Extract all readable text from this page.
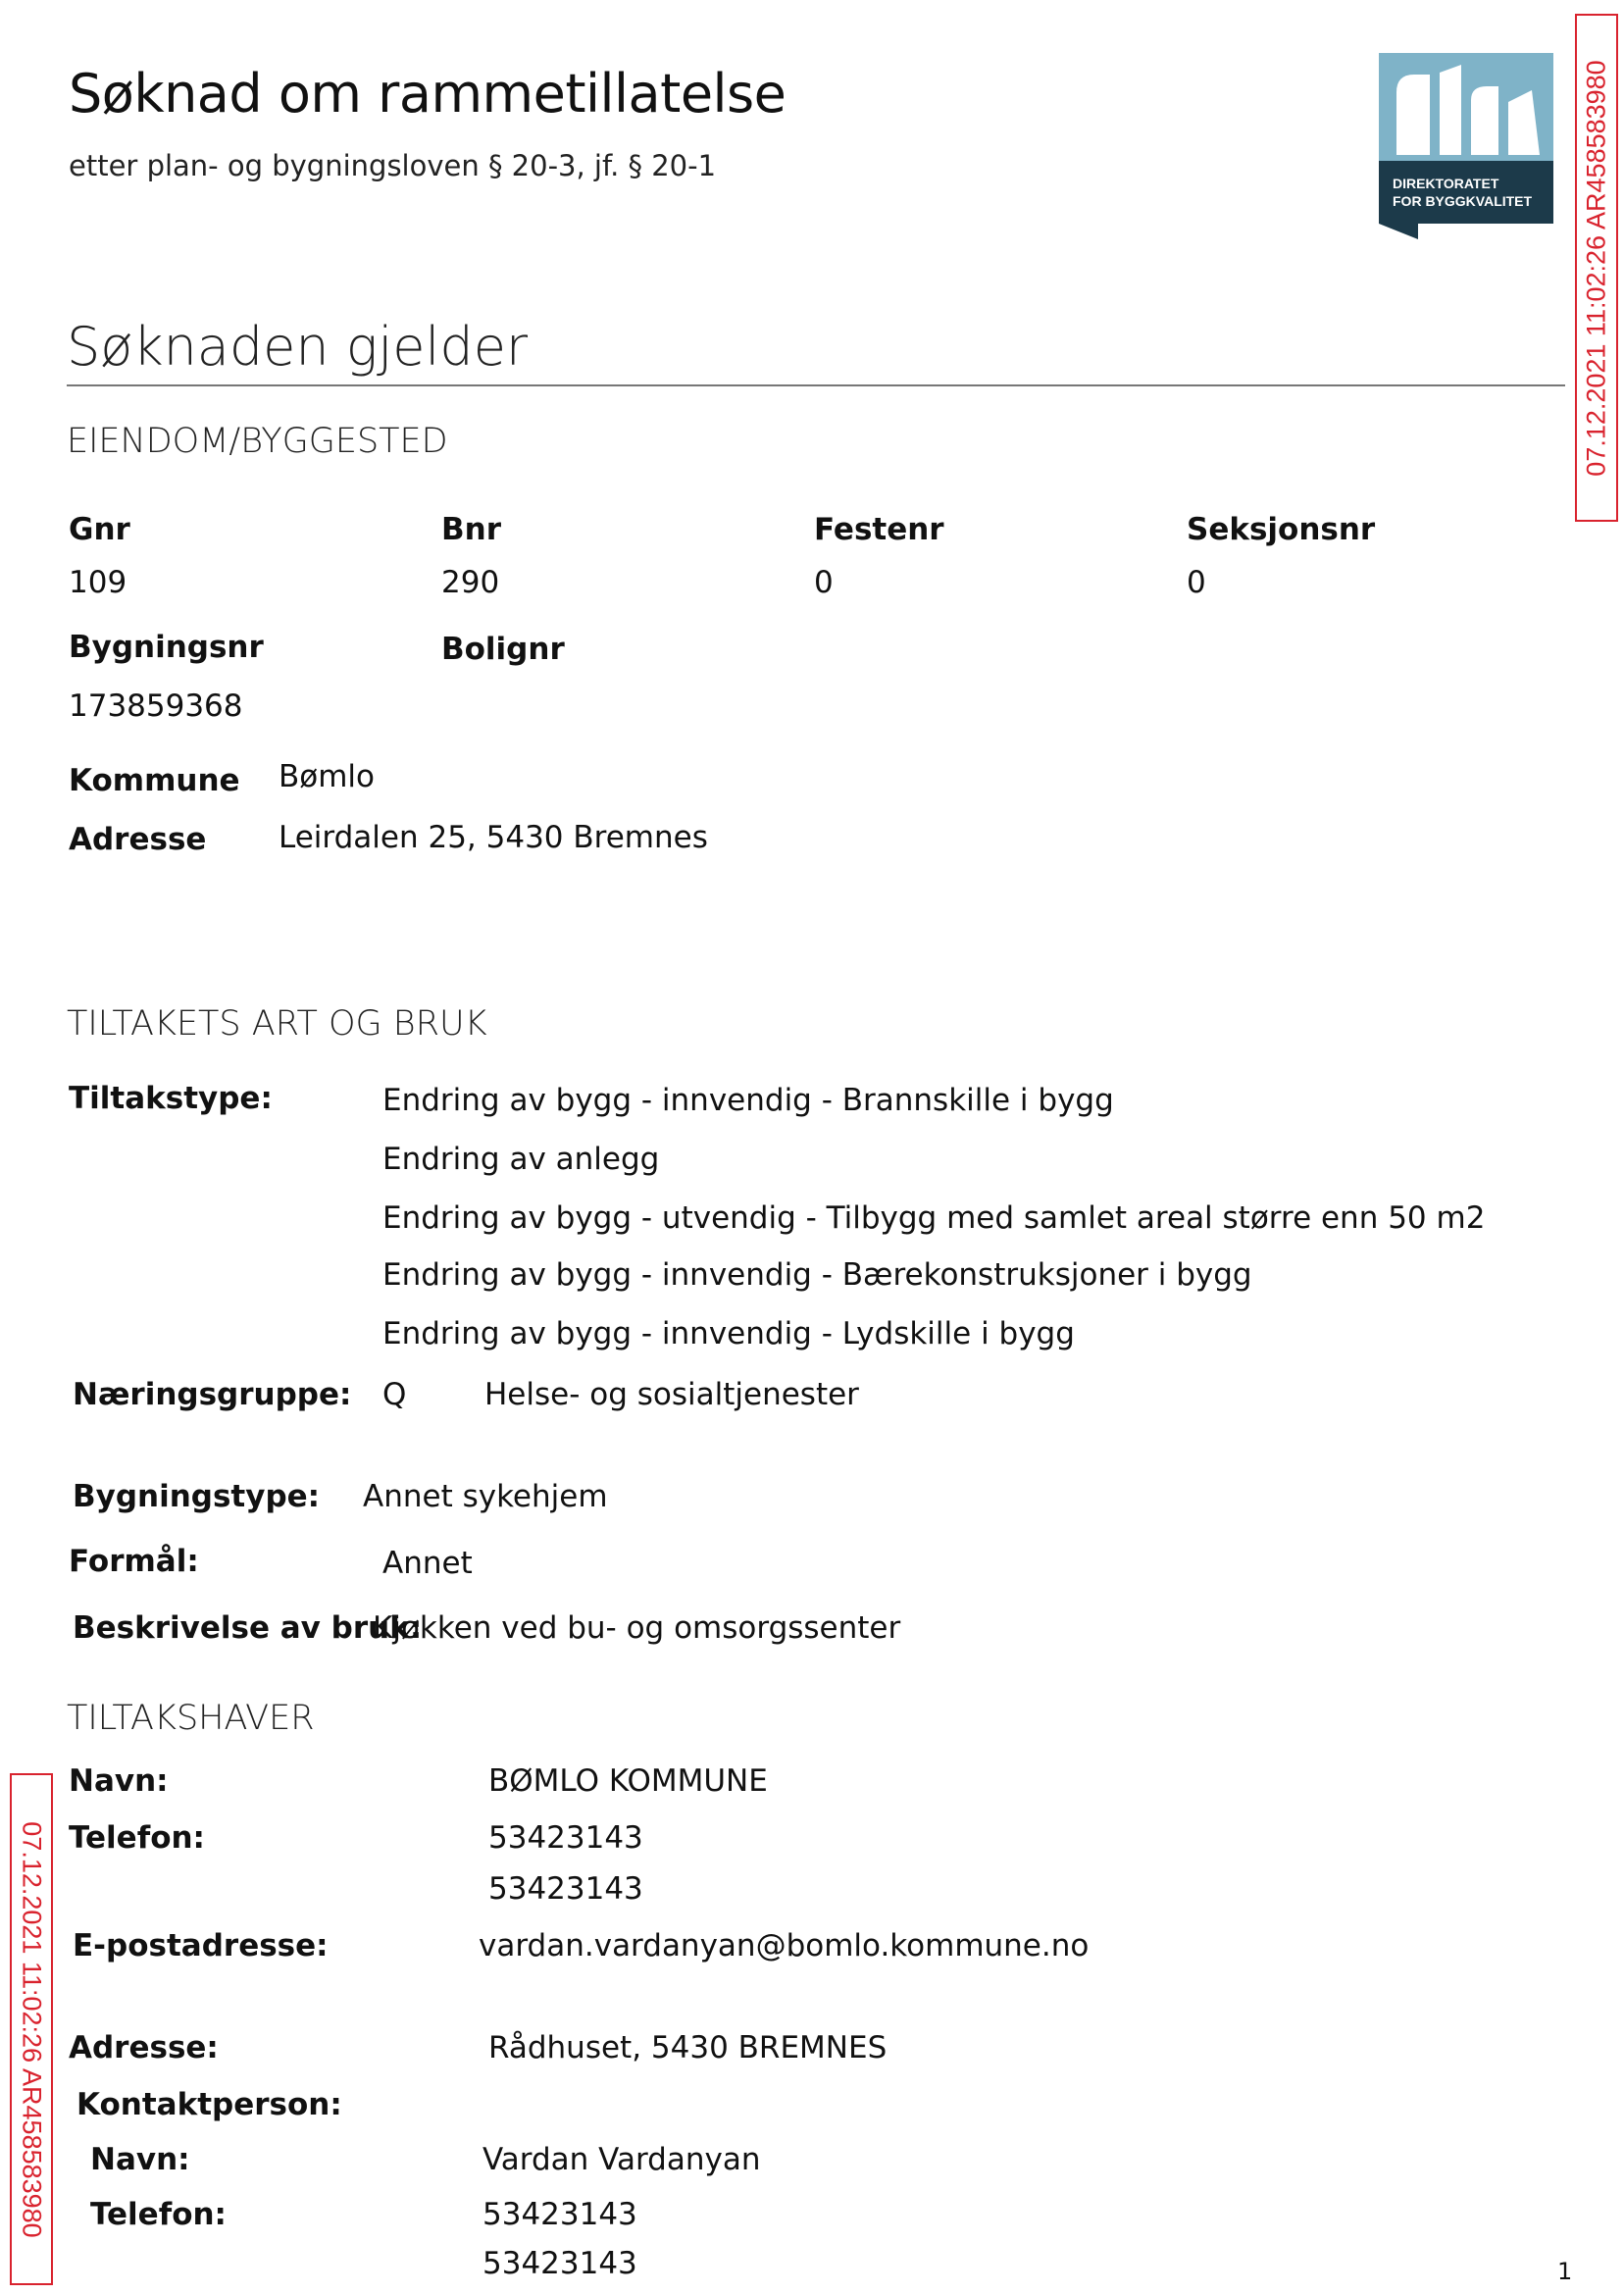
Søknad om rammetillatelse
etter plan- og bygningsloven § 20-3, jf. § 20-1
DIREKTORATET
FOR BYGGKVALITET 07.12.2021 11:02:26 AR458583980
07.12.2021 11:02:26 AR458583980
Søknaden gjelder
EIENDOM/BYGGESTED
Gnr	Bnr	Festenr	Seksjonsnr
109	290	0	0
Bygningsnr	Bolignr
173859368
Kommune Bømlo
Adresse Leirdalen 25, 5430 Bremnes
TILTAKETS ART OG BRUK
Tiltakstype:	Endring av bygg - innvendig - Brannskille i bygg
Endring av anlegg
Endring av bygg - utvendig - Tilbygg med samlet areal større enn 50 m2
Endring av bygg - innvendig - Bærekonstruksjoner i bygg
Endring av bygg - innvendig - Lydskille i bygg
Næringsgruppe: Q	Helse- og sosialtjenester
Bygningstype: Annet sykehjem
Formål:	Annet
Beskrivelse av bruk:
Kjøkken ved bu- og omsorgssenter
TILTAKSHAVER
Navn:	BØMLO KOMMUNE
Telefon:	53423143
53423143
E-postadresse:	vardan.vardanyan@bomlo.kommune.no
Adresse:	Rådhuset, 5430 BREMNES
Kontaktperson:
Navn:	Vardan Vardanyan
Telefon:	53423143
53423143	1
